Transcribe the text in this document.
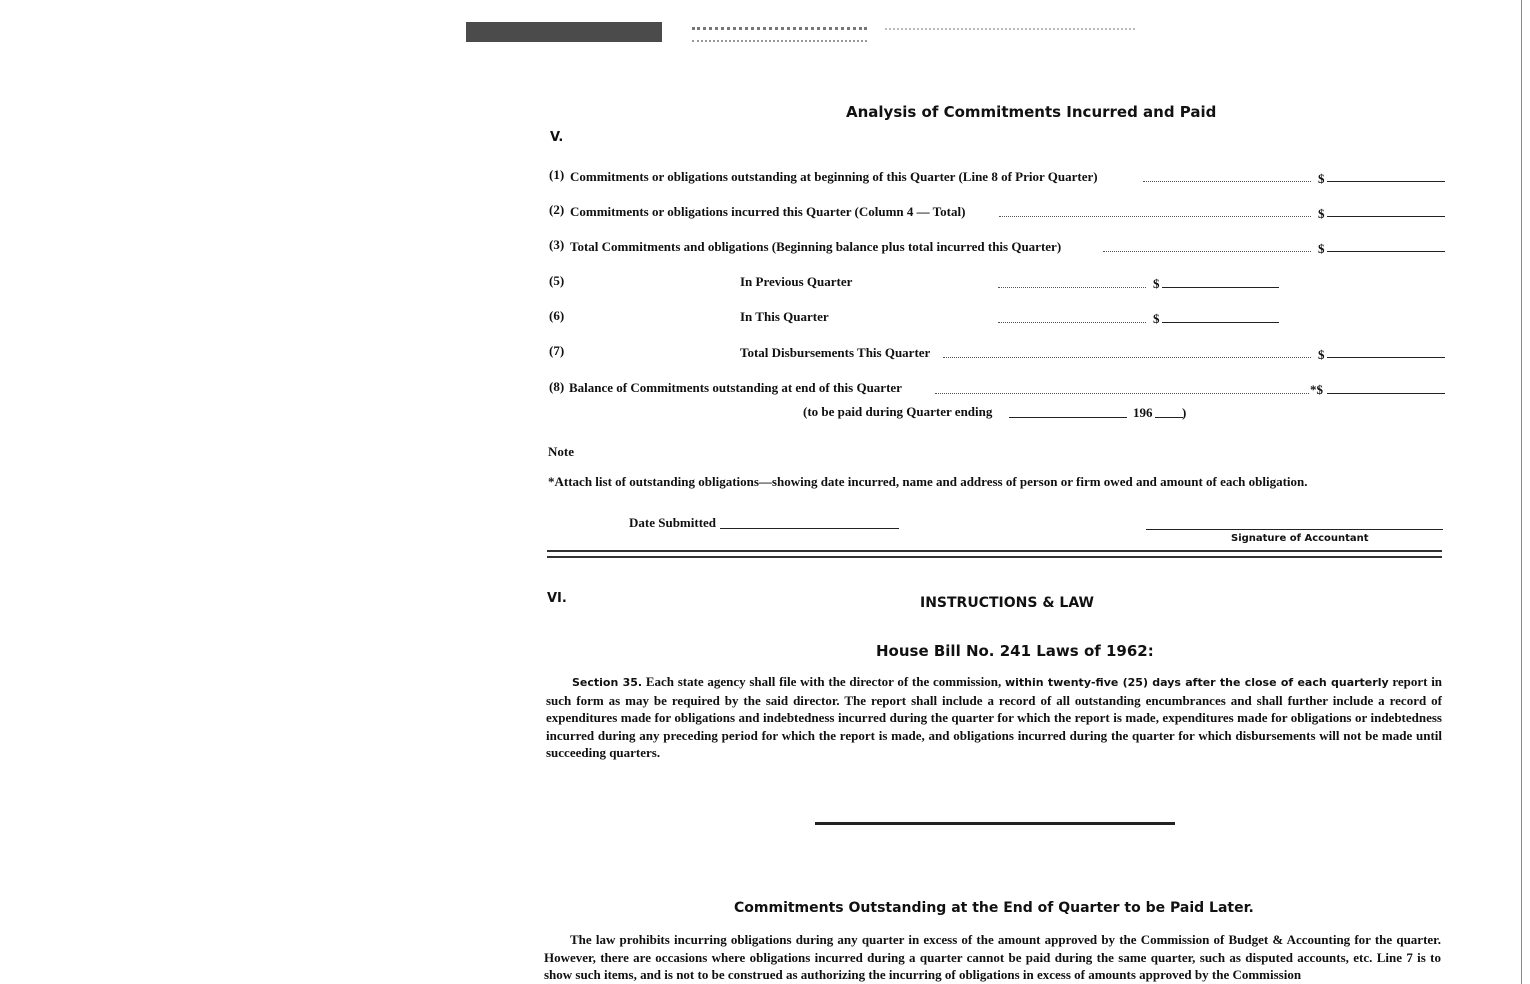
Analysis of Commitments Incurred and Paid
V.
(1) Commitments or obligations outstanding at beginning of this Quarter (Line 8 of Prior Quarter)	$
(2) Commitments or obligations incurred this Quarter (Column 4 — Total)	$
(3) Total Commitments and obligations (Beginning balance plus total incurred this Quarter)	$
(5)	In Previous Quarter	$
(6)	In This Quarter	$
(7)	Total Disbursements This Quarter	$
(8) Balance of Commitments outstanding at end of this Quarter	*$
(to be paid during Quarter ending	196 )
Note
*Attach list of outstanding obligations—showing date incurred, name and address of person or firm owed and amount of each obligation.
Date Submitted
Signature of Accountant
VI.	INSTRUCTIONS & LAW
House Bill No. 241 Laws of 1962:

Section 35. Each state agency shall file with the director of the commission, within twenty-five (25) days after the close of each quarterly report in such form as may be required by the said director. The report shall include a record of all outstanding encumbrances and shall further include a record of expenditures made for obligations and indebtedness incurred during the quarter for which the report is made, expenditures made for obligations or indebtedness incurred during any preceding period for which the report is made, and obligations incurred during the quarter for which disbursements will not be made until succeeding quarters.

Commitments Outstanding at the End of Quarter to be Paid Later.

The law prohibits incurring obligations during any quarter in excess of the amount approved by the Commission of Budget & Accounting for the quarter. However, there are occasions where obligations incurred during a quarter cannot be paid during the same quarter, such as disputed accounts, etc. Line 7 is to show such items, and is not to be construed as authorizing the incurring of obligations in excess of amounts approved by the Commission
